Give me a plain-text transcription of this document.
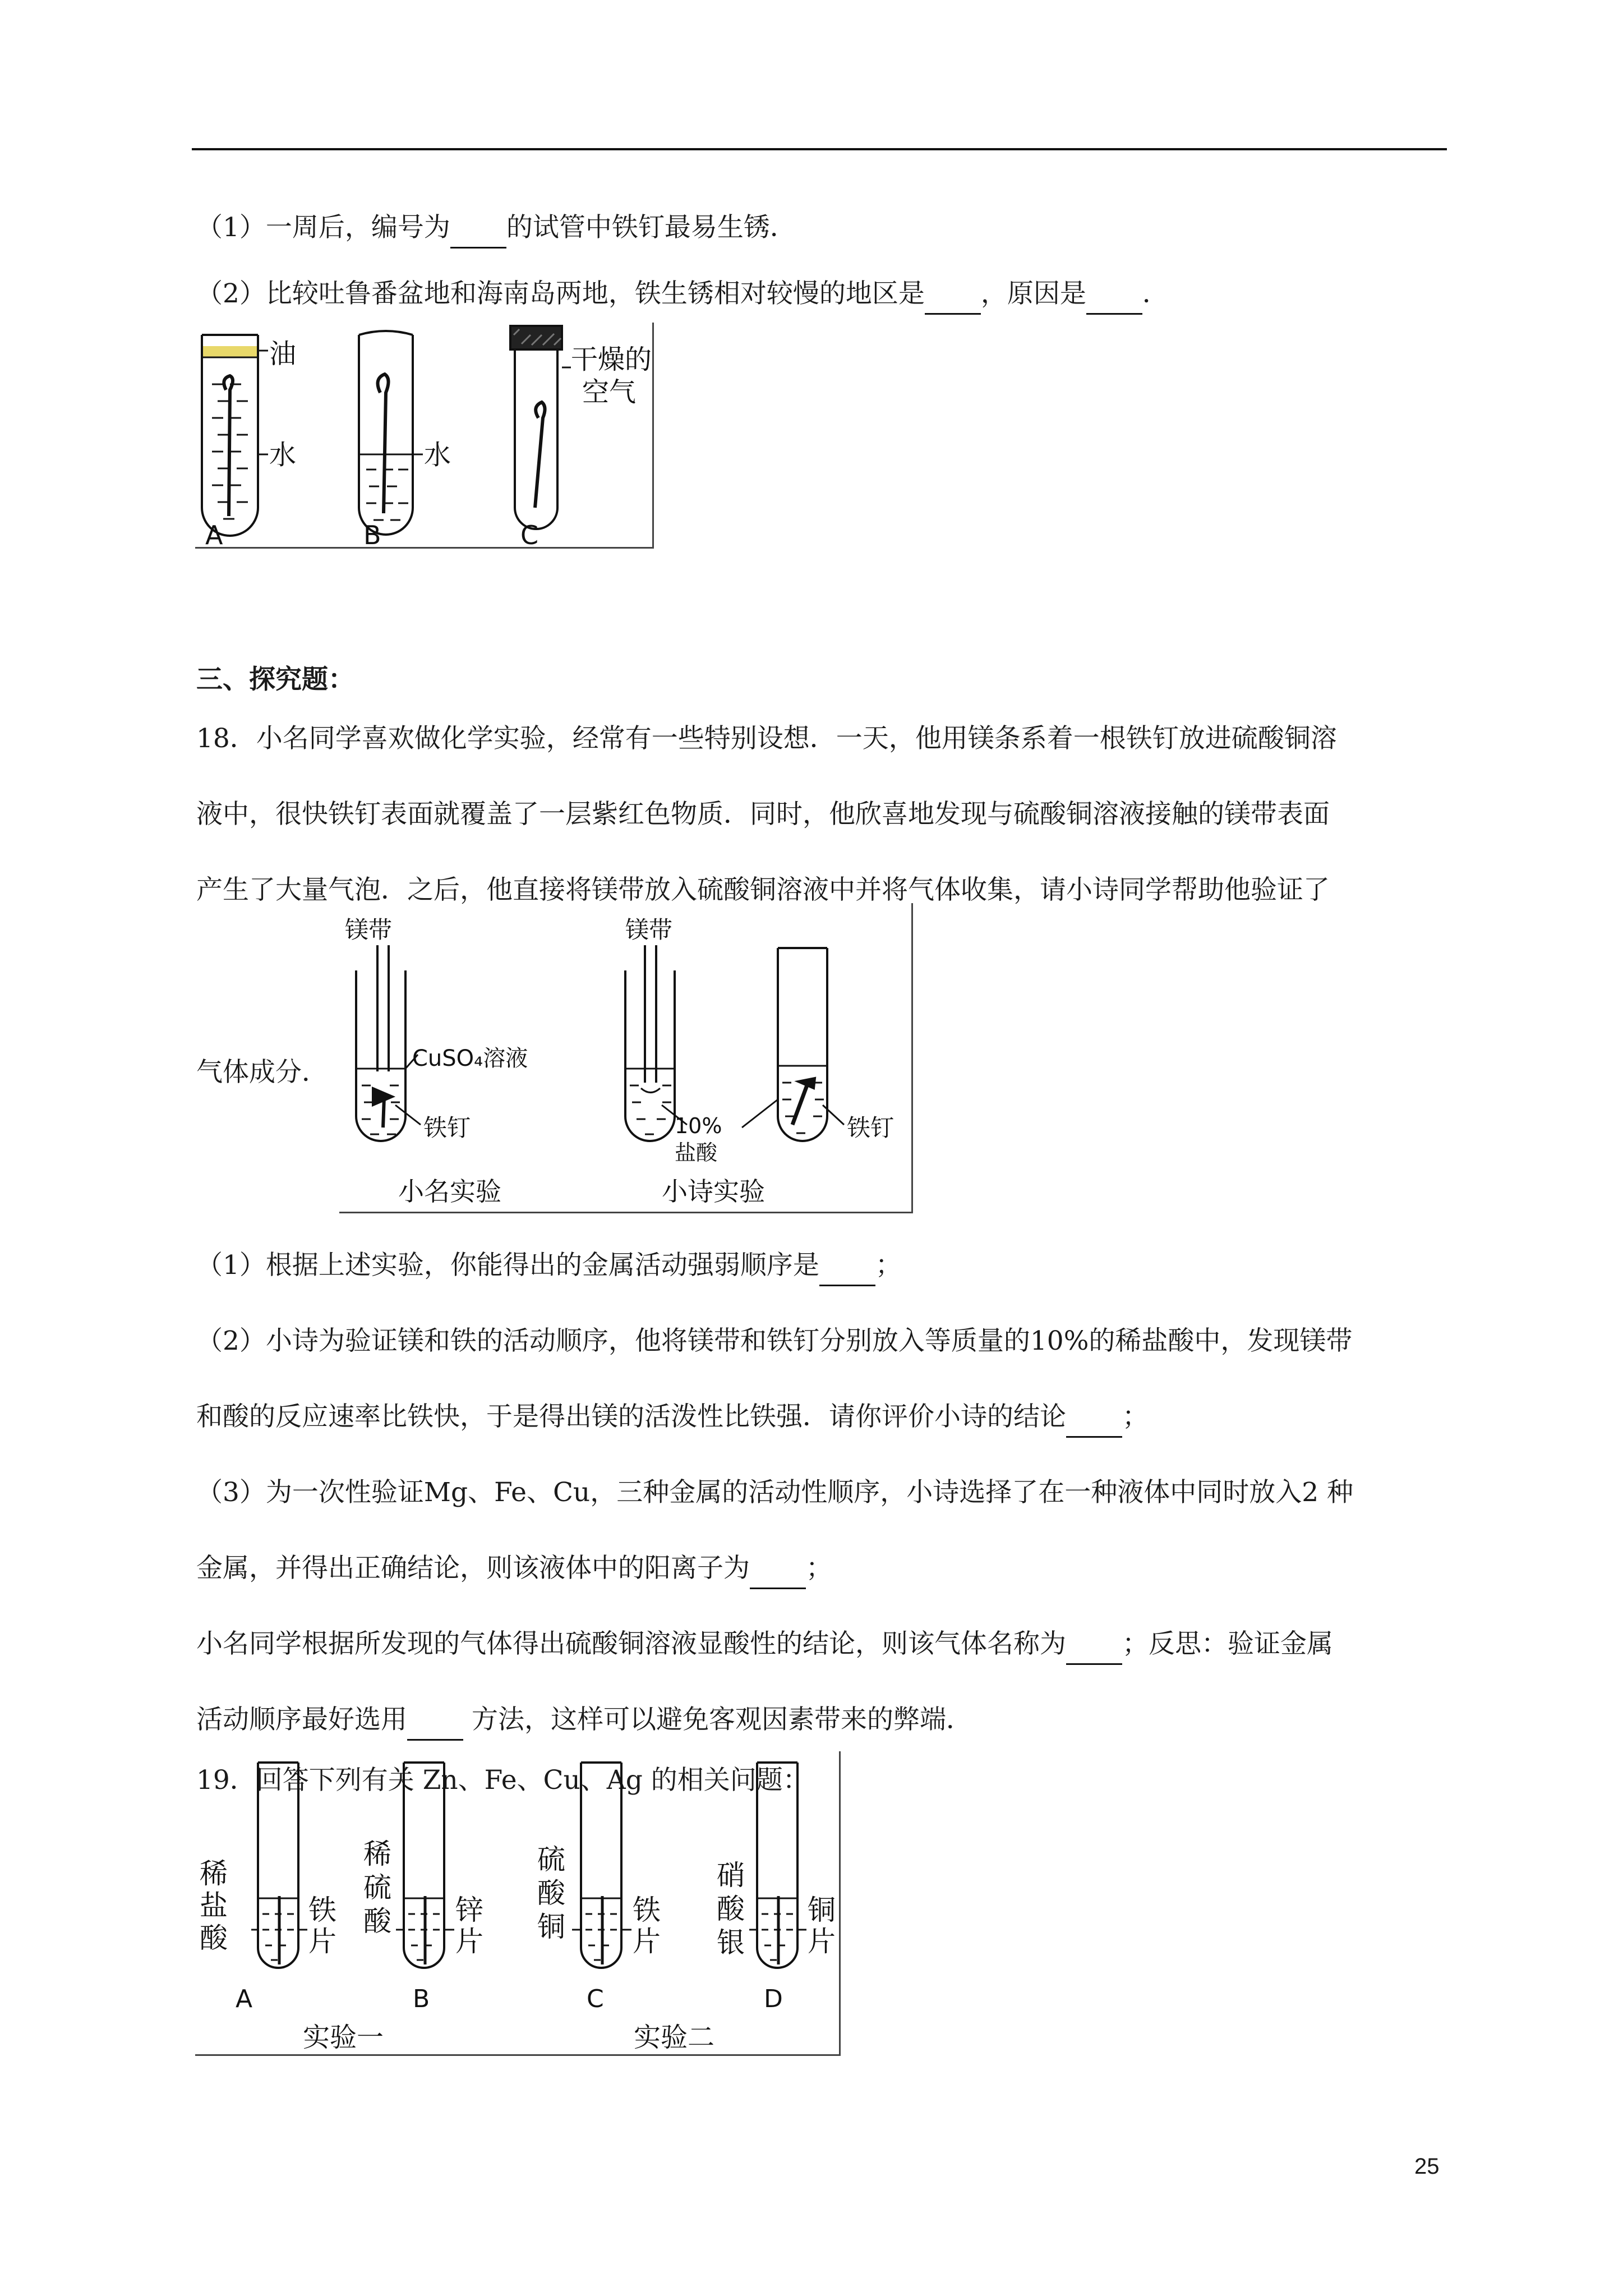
（1）一周后，编号为 的试管中铁钉最易生锈．
（2）比较吐鲁番盆地和海南岛两地，铁生锈相对较慢的地区是 ，原因是 ．
油
水
A
水
B
干燥的
空气
C
三、探究题：
18．小名同学喜欢做化学实验，经常有一些特别设想．一天，他用镁条系着一根铁钉放进硫酸铜溶
液中，很快铁钉表面就覆盖了一层紫红色物质．同时，他欣喜地发现与硫酸铜溶液接触的镁带表面
产生了大量气泡．之后，他直接将镁带放入硫酸铜溶液中并将气体收集，请小诗同学帮助他验证了
气体成分．
镁带
CuSO₄溶液
铁钉
小名实验
镁带
10%
盐酸
铁钉
小诗实验
（1）根据上述实验，你能得出的金属活动强弱顺序是 ；
（2）小诗为验证镁和铁的活动顺序，他将镁带和铁钉分别放入等质量的10%的稀盐酸中，发现镁带
和酸的反应速率比铁快，于是得出镁的活泼性比铁强．请你评价小诗的结论 ；
（3）为一次性验证Mg、Fe、Cu，三种金属的活动性顺序，小诗选择了在一种液体中同时放入2 种
金属，并得出正确结论，则该液体中的阳离子为 ；
小名同学根据所发现的气体得出硫酸铜溶液显酸性的结论，则该气体名称为 ；反思：验证金属
活动顺序最好选用  方法，这样可以避免客观因素带来的弊端．
19．回答下列有关 Zn、Fe、Cu、Ag 的相关问题：
稀
盐
酸
稀
硫
酸
硫
酸
铜
硝
酸
银
铁
片
锌
片
铁
片
铜
片
A	B	C	D
实验一	实验二
25
